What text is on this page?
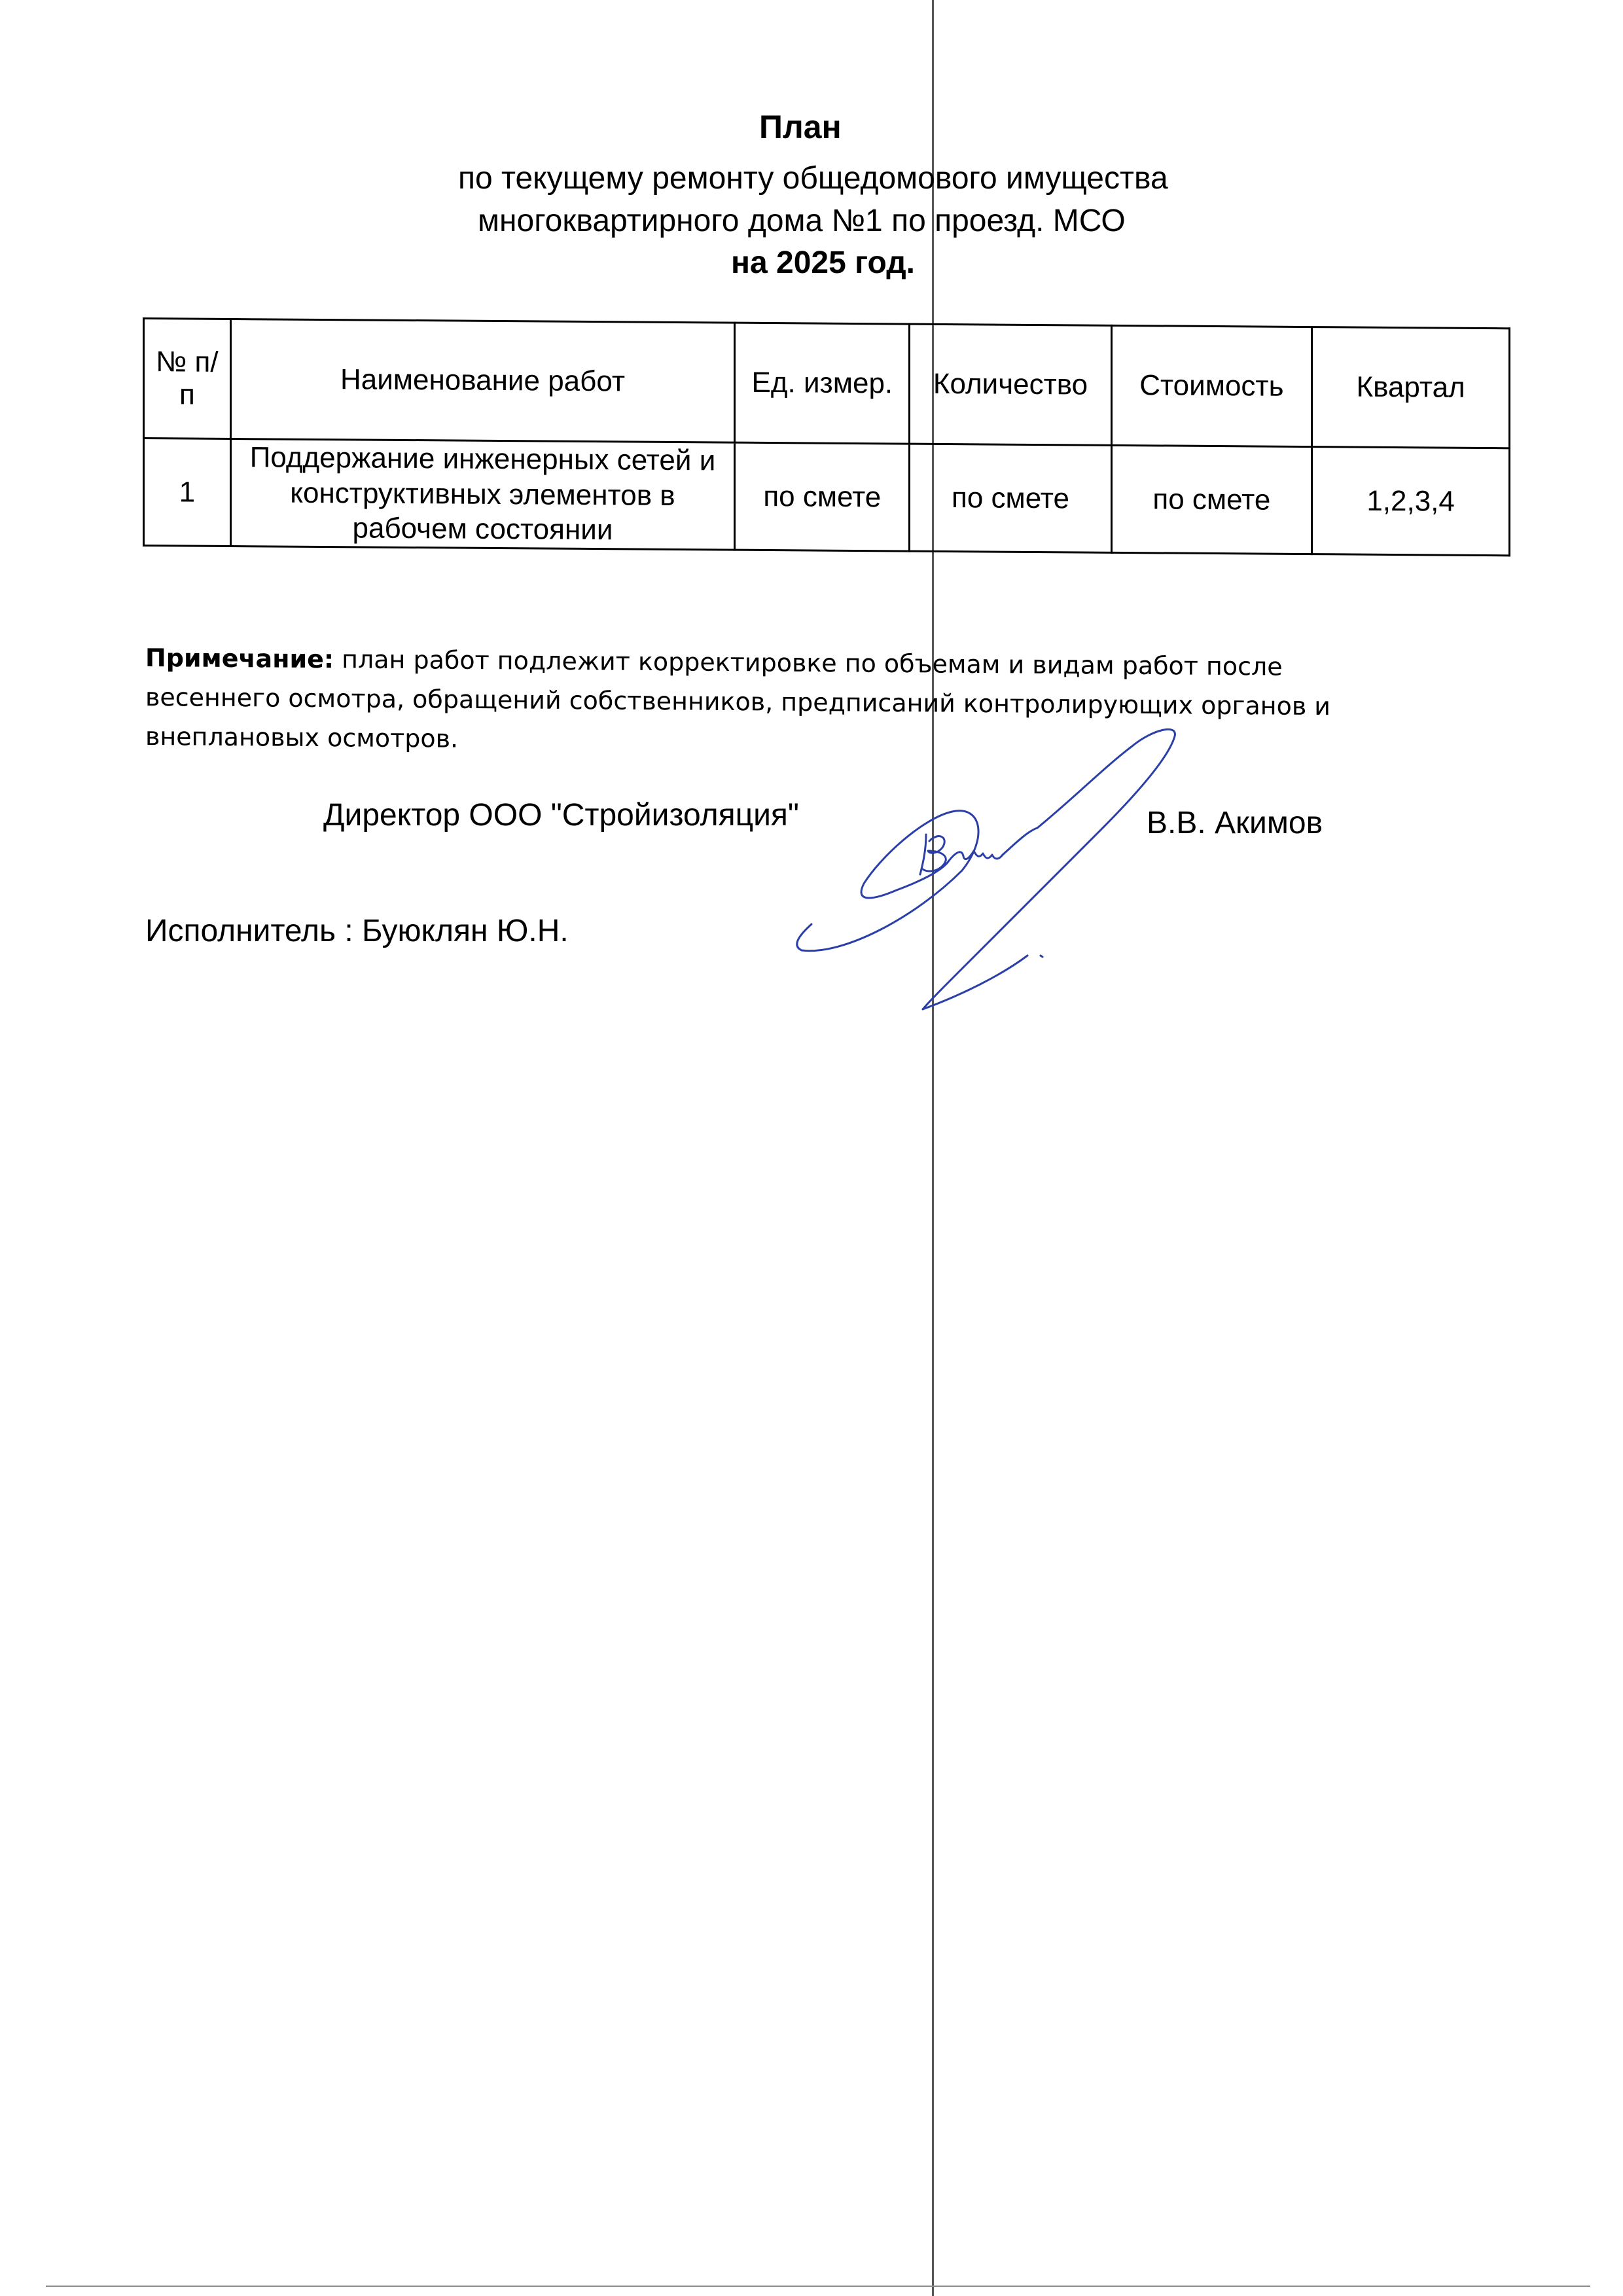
План
по текущему ремонту общедомового имущества
многоквартирного дома №1 по проезд. МСО
на 2025 год.
№ п/п	Наименование работ	Ед. измер.	Количество	Стоимость	Квартал
1	Поддержание инженерных сетей и конструктивных элементов в рабочем состоянии	по смете	по смете	по смете	1,2,3,4
Примечание: план работ подлежит корректировке по объемам и видам работ после весеннего осмотра, обращений собственников, предписаний контролирующих органов и внеплановых осмотров.
Директор ООО "Стройизоляция"	В.В. Акимов
Исполнитель : Буюклян Ю.Н.
